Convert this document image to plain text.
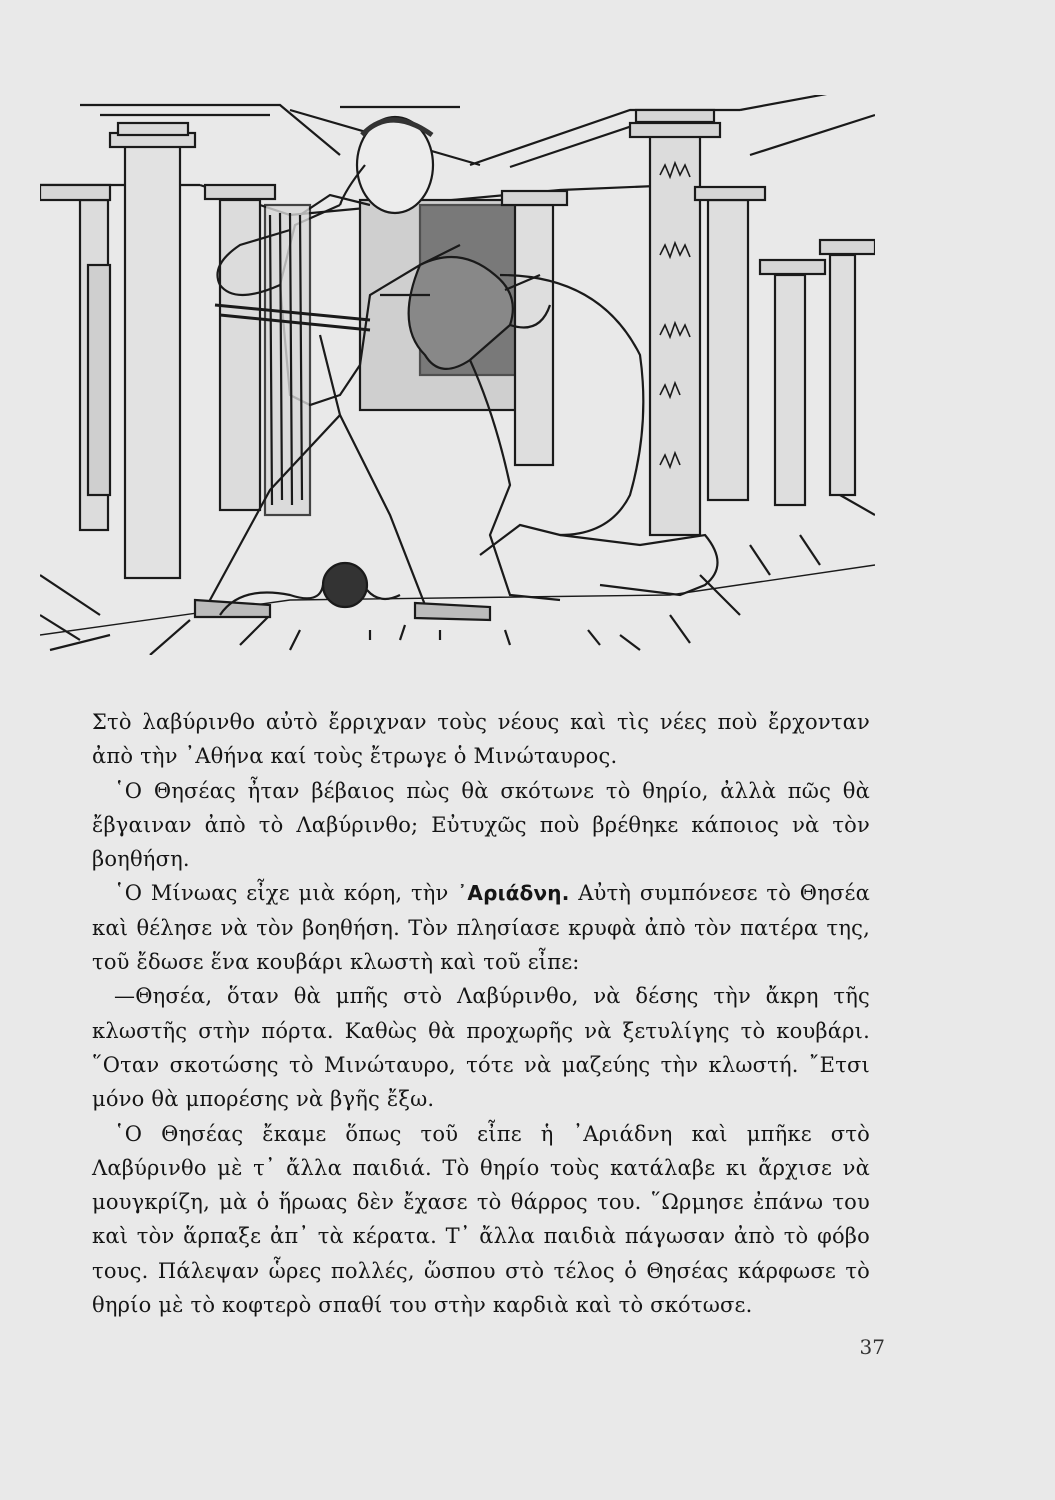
Στὸ λαβύρινθο αὐτὸ ἔρριχναν τοὺς νέους καὶ τὶς νέες ποὺ ἔρχονταν ἀπὸ τὴν ᾿Αθήνα καί τοὺς ἔτρωγε ὁ Μινώταυρος.

῾Ο Θησέας ἦταν βέβαιος πὼς θὰ σκότωνε τὸ θηρίο, ἀλλὰ πῶς θὰ ἔβγαιναν ἀπὸ τὸ Λαβύρινθο; Εὐτυχῶς ποὺ βρέθηκε κάποιος νὰ τὸν βοηθήση.

῾Ο Μίνωας εἶχε μιὰ κόρη, τὴν ᾿Αριάδνη. Αὐτὴ συμπόνεσε τὸ Θησέα καὶ θέλησε νὰ τὸν βοηθήση. Τὸν πλησίασε κρυφὰ ἀπὸ τὸν πατέρα της, τοῦ ἔδωσε ἕνα κουβάρι κλωστὴ καὶ τοῦ εἶπε:

—Θησέα, ὅταν θὰ μπῆς στὸ Λαβύρινθο, νὰ δέσης τὴν ἄκρη τῆς κλωστῆς στὴν πόρτα. Καθὼς θὰ προχωρῆς νὰ ξετυλίγης τὸ κουβάρι. ῞Οταν σκοτώσης τὸ Μινώταυρο, τότε νὰ μαζεύης τὴν κλωστή. ῎Ετσι μόνο θὰ μπορέσης νὰ βγῆς ἔξω.

῾Ο Θησέας ἔκαμε ὅπως τοῦ εἶπε ἡ ᾿Αριάδνη καὶ μπῆκε στὸ Λαβύρινθο μὲ τ᾿ ἄλλα παιδιά. Τὸ θηρίο τοὺς κατάλαβε κι ἄρχισε νὰ μουγκρίζη, μὰ ὁ ἥρωας δὲν ἔχασε τὸ θάρρος του. ῞Ωρμησε ἐπάνω του καὶ τὸν ἅρπαξε ἀπ᾿ τὰ κέρατα. Τ᾿ ἄλλα παιδιὰ πάγωσαν ἀπὸ τὸ φόβο τους. Πάλεψαν ὧρες πολλές, ὥσπου στὸ τέλος ὁ Θησέας κάρφωσε τὸ θηρίο μὲ τὸ κοφτερὸ σπαθί του στὴν καρδιὰ καὶ τὸ σκότωσε.

37
